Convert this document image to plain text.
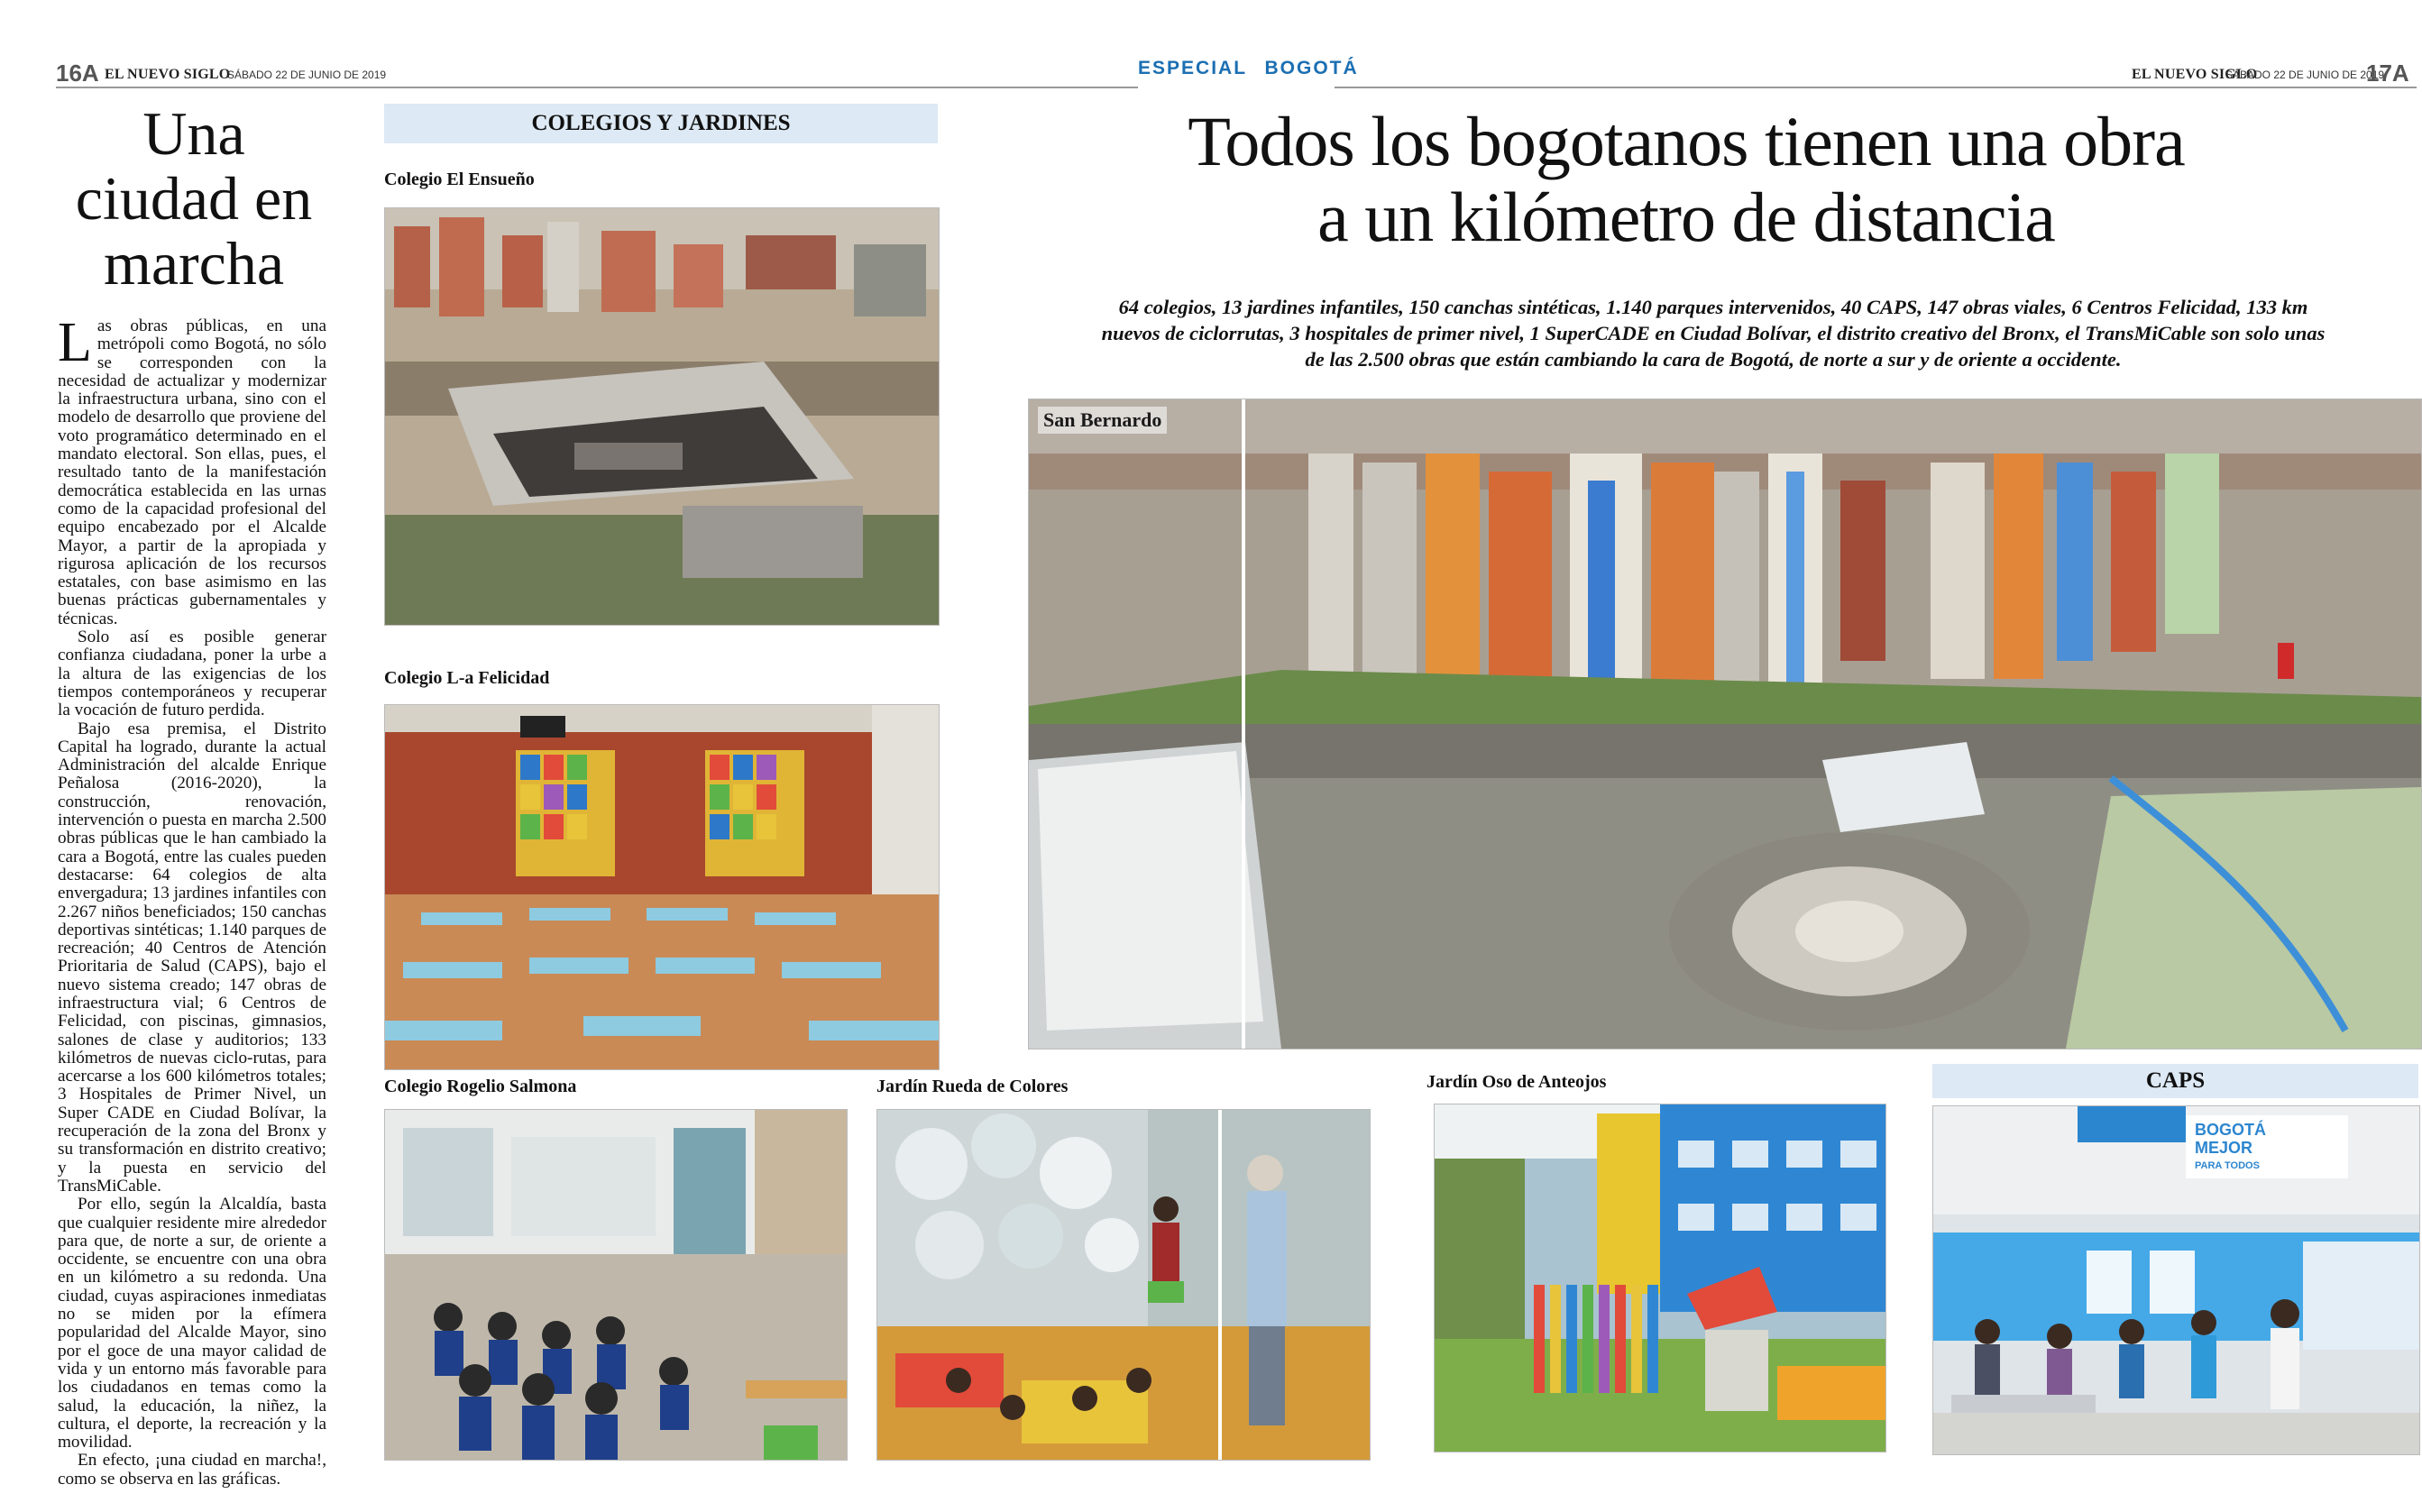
16A EL NUEVO SIGLO
SÁBADO 22 DE JUNIO DE 2019	ESPECIAL BOGOTÁ	EL NUEVO SIGLO
SÁBADO 22 DE JUNIO DE 2019
17A
Una
ciudad en
marcha

Las obras públicas, en una metrópoli como Bogotá, no sólo se corresponden con la necesidad de actualizar y modernizar la infraestructura urbana, sino con el modelo de desarrollo que proviene del voto programático determinado en el mandato electoral. Son ellas, pues, el resultado tanto de la manifestación democrática establecida en las urnas como de la capacidad profesional del equipo encabezado por el Alcalde Mayor, a partir de la apropiada y rigurosa aplicación de los recursos estatales, con base asimismo en las buenas prácticas gubernamentales y técnicas.

Solo así es posible generar confianza ciudadana, poner la urbe a la altura de las exigencias de los tiempos contemporáneos y recuperar la vocación de futuro perdida.

Bajo esa premisa, el Distrito Capital ha logrado, durante la actual Administración del alcalde Enrique Peñalosa (2016-2020), la construcción, renovación, intervención o puesta en marcha 2.500 obras públicas que le han cambiado la cara a Bogotá, entre las cuales pueden destacarse: 64 colegios de alta envergadura; 13 jardines infantiles con 2.267 niños beneficiados; 150 canchas deportivas sintéticas; 1.140 parques de recreación; 40 Centros de Atención Prioritaria de Salud (CAPS), bajo el nuevo sistema creado; 147 obras de infraestructura vial; 6 Centros de Felicidad, con piscinas, gimnasios, salones de clase y auditorios; 133 kilómetros de nuevas ciclo-rutas, para acercarse a los 600 kilómetros totales; 3 Hospitales de Primer Nivel, un Super CADE en Ciudad Bolívar, la recuperación de la zona del Bronx y su transformación en distrito creativo; y la puesta en servicio del TransMiCable.

Por ello, según la Alcaldía, basta que cualquier residente mire alrededor para que, de norte a sur, de oriente a occidente, se encuentre con una obra en un kilómetro a su redonda. Una ciudad, cuyas aspiraciones inmediatas no se miden por la efímera popularidad del Alcalde Mayor, sino por el goce de una mayor calidad de vida y un entorno más favorable para los ciudadanos en temas como la salud, la educación, la niñez, la cultura, el deporte, la recreación y la movilidad.

En efecto, ¡una ciudad en marcha!, como se observa en las gráficas.

COLEGIOS Y JARDINES
Colegio El Ensueño
Colegio L-a Felicidad
Todos los bogotanos tienen una obra
a un kilómetro de distancia
64 colegios, 13 jardines infantiles, 150 canchas sintéticas, 1.140 parques intervenidos, 40 CAPS, 147 obras viales, 6 Centros Felicidad, 133 km
nuevos de ciclorrutas, 3 hospitales de primer nivel, 1 SuperCADE en Ciudad Bolívar, el distrito creativo del Bronx, el TransMiCable son solo unas
de las 2.500 obras que están cambiando la cara de Bogotá, de norte a sur y de oriente a occidente.
San Bernardo
Colegio Rogelio Salmona	Jardín Rueda de Colores	Jardín Oso de Anteojos	CAPS
BOGOTÁ
MEJOR
PARA TODOS
